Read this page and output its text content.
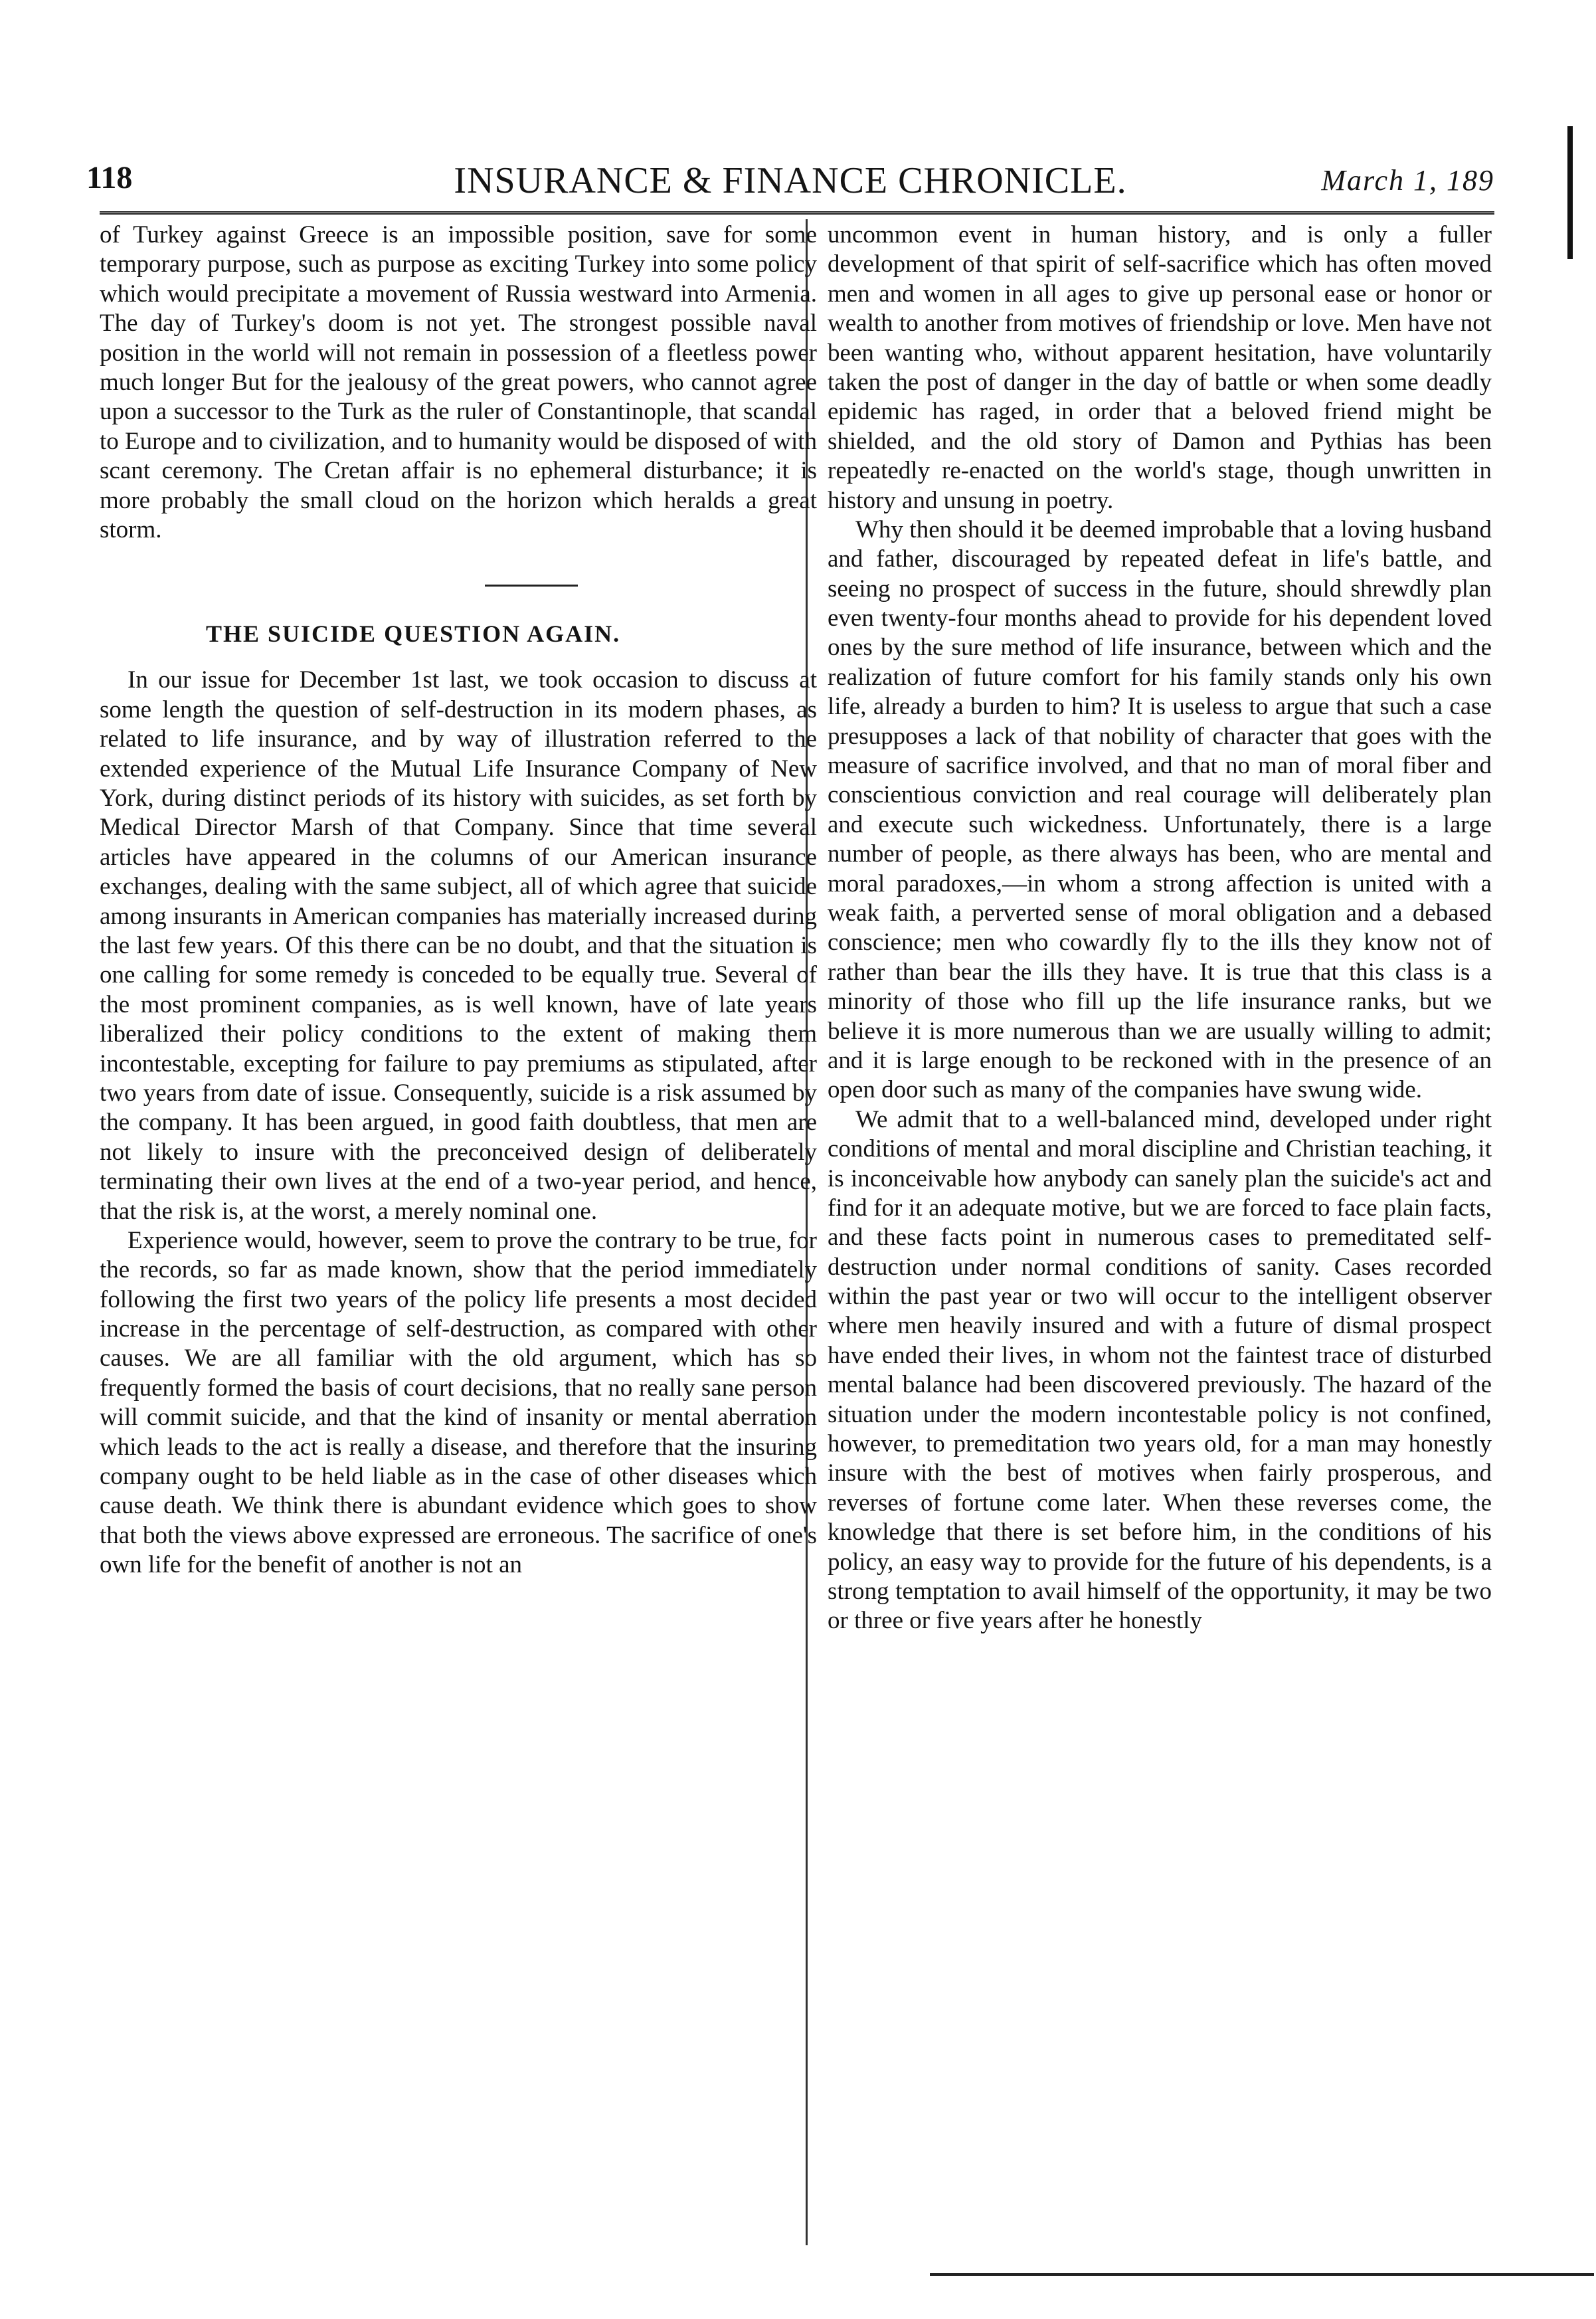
118	INSURANCE & FINANCE CHRONICLE.	March 1, 189

of Turkey against Greece is an impossible position, save for some temporary purpose, such as purpose as exciting Turkey into some policy which would precipitate a movement of Russia westward into Armenia. The day of Turkey's doom is not yet. The strongest possible naval position in the world will not remain in possession of a fleetless power much longer But for the jealousy of the great powers, who cannot agree upon a successor to the Turk as the ruler of Constantinople, that scandal to Europe and to civilization, and to humanity would be disposed of with scant ceremony. The Cretan affair is no ephemeral disturbance; it is more probably the small cloud on the horizon which heralds a great storm.

THE SUICIDE QUESTION AGAIN.

In our issue for December 1st last, we took occasion to discuss at some length the question of self-destruction in its modern phases, as related to life insurance, and by way of illustration referred to the extended experience of the Mutual Life Insurance Company of New York, during distinct periods of its history with suicides, as set forth by Medical Director Marsh of that Company. Since that time several articles have appeared in the columns of our American insurance exchanges, dealing with the same subject, all of which agree that suicide among insurants in American companies has materially increased during the last few years. Of this there can be no doubt, and that the situation is one calling for some remedy is conceded to be equally true. Several of the most prominent companies, as is well known, have of late years liberalized their policy conditions to the extent of making them incontestable, excepting for failure to pay premiums as stipulated, after two years from date of issue. Consequently, suicide is a risk assumed by the company. It has been argued, in good faith doubtless, that men are not likely to insure with the preconceived design of deliberately terminating their own lives at the end of a two-year period, and hence, that the risk is, at the worst, a merely nominal one.

Experience would, however, seem to prove the contrary to be true, for the records, so far as made known, show that the period immediately following the first two years of the policy life presents a most decided increase in the percentage of self-destruction, as compared with other causes. We are all familiar with the old argument, which has so frequently formed the basis of court decisions, that no really sane person will commit suicide, and that the kind of insanity or mental aberration which leads to the act is really a disease, and therefore that the insuring company ought to be held liable as in the case of other diseases which cause death. We think there is abundant evidence which goes to show that both the views above expressed are erroneous. The sacrifice of one's own life for the benefit of another is not an

uncommon event in human history, and is only a fuller development of that spirit of self-sacrifice which has often moved men and women in all ages to give up personal ease or honor or wealth to another from motives of friendship or love. Men have not been wanting who, without apparent hesitation, have voluntarily taken the post of danger in the day of battle or when some deadly epidemic has raged, in order that a beloved friend might be shielded, and the old story of Damon and Pythias has been repeatedly re-enacted on the world's stage, though unwritten in history and unsung in poetry.

Why then should it be deemed improbable that a loving husband and father, discouraged by repeated defeat in life's battle, and seeing no prospect of success in the future, should shrewdly plan even twenty-four months ahead to provide for his dependent loved ones by the sure method of life insurance, between which and the realization of future comfort for his family stands only his own life, already a burden to him? It is useless to argue that such a case presupposes a lack of that nobility of character that goes with the measure of sacrifice involved, and that no man of moral fiber and conscientious conviction and real courage will deliberately plan and execute such wickedness. Unfortunately, there is a large number of people, as there always has been, who are mental and moral paradoxes,—in whom a strong affection is united with a weak faith, a perverted sense of moral obligation and a debased conscience; men who cowardly fly to the ills they know not of rather than bear the ills they have. It is true that this class is a minority of those who fill up the life insurance ranks, but we believe it is more numerous than we are usually willing to admit; and it is large enough to be reckoned with in the presence of an open door such as many of the companies have swung wide.

We admit that to a well-balanced mind, developed under right conditions of mental and moral discipline and Christian teaching, it is inconceivable how anybody can sanely plan the suicide's act and find for it an adequate motive, but we are forced to face plain facts, and these facts point in numerous cases to premeditated self-destruction under normal conditions of sanity. Cases recorded within the past year or two will occur to the intelligent observer where men heavily insured and with a future of dismal prospect have ended their lives, in whom not the faintest trace of disturbed mental balance had been discovered previously. The hazard of the situation under the modern incontestable policy is not confined, however, to premeditation two years old, for a man may honestly insure with the best of motives when fairly prosperous, and reverses of fortune come later. When these reverses come, the knowledge that there is set before him, in the conditions of his policy, an easy way to provide for the future of his dependents, is a strong temptation to avail himself of the opportunity, it may be two or three or five years after he honestly
